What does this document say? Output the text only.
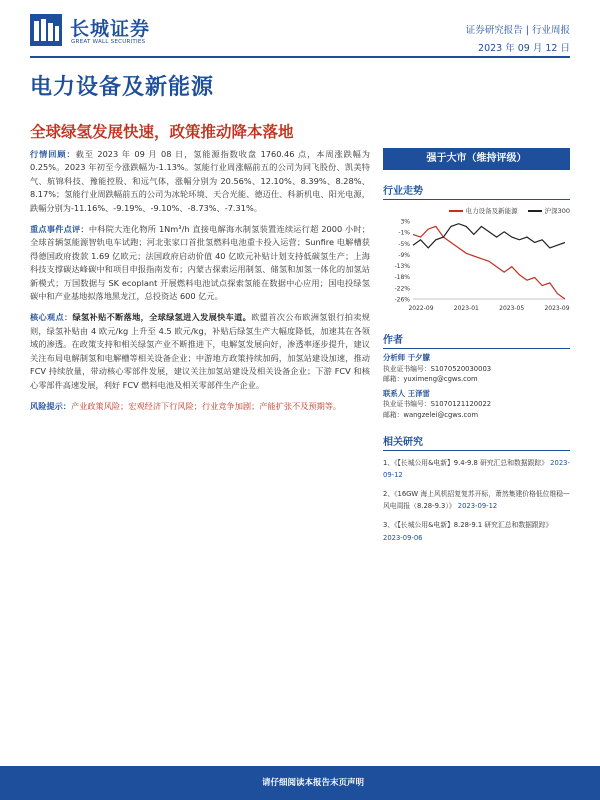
长城证券
GREAT WALL SECURITIES
证券研究报告 | 行业周报
2023 年 09 月 12 日
电力设备及新能源
全球绿氢发展快速，政策推动降本落地

行情回顾：截至 2023 年 09 月 08 日，氢能源指数收盘 1760.46 点，本周涨跌幅为 0.25%。2023 年初至今涨跌幅为-1.13%。氢能行业周涨幅前五的公司为同飞股份、凯美特气、航锦科技、豫能控股、和远气体，涨幅分别为 20.56%、12.10%、8.39%、8.28%、8.17%；氢能行业周跌幅前五的公司为冰轮环境、天合光能、德迈仕、科新机电、阳光电源，跌幅分别为-11.16%、-9.19%、-9.10%、-8.73%、-7.31%。

重点事件点评：中科院大连化物所 1Nm³/h 直接电解海水制氢装置连续运行超 2000 小时；全球首辆氢能源智轨电车试跑；河北张家口首批氢燃料电池重卡投入运营；Sunfire 电解槽获得德国政府拨款 1.69 亿欧元；法国政府启动价值 40 亿欧元补贴计划支持低碳氢生产；上海科技支撑碳达峰碳中和项目申报指南发布；内蒙古探索运用制氢、储氢和加氢一体化的加氢站新模式；万国数据与 SK ecoplant 开展燃料电池试点探索氢能在数据中心应用；国电投绿氢碳中和产业基地拟落地黑龙江，总投资达 600 亿元。

核心观点：绿氢补贴不断落地，全球绿氢进入发展快车道。欧盟首次公布欧洲氢银行拍卖规则，绿氢补贴由 4 欧元/kg 上升至 4.5 欧元/kg，补贴后绿氢生产大幅度降低，加速其在各领域的渗透。在政策支持和相关绿氢产业不断推进下，电解氢发展向好，渗透率逐步提升，建议关注布局电解制氢和电解槽等相关设备企业；中游地方政策持续加码，加氢站建设加速，推动 FCV 持续放量，带动核心零部件发展，建议关注加氢站建设及相关设备企业；下游 FCV 和核心零部件高速发展，利好 FCV 燃料电池及相关零部件生产企业。

风险提示：产业政策风险；宏观经济下行风险；行业竞争加剧；产能扩张不及预期等。

强于大市（维持评级）
行业走势
电力设备及新能源	沪深300
3%
-1%
-5%
-9%
-13%
-18%
-22%
-26%
2022-09	2023-01	2023-05	2023-09
作者
分析师 于夕朦
执业证书编号：S1070520030003
邮箱：yuximeng@cgws.com
联系人 王泽雷
执业证书编号：S1070121120022
邮箱：wangzelei@cgws.com
相关研究
1、《【长城公用&电新】9.4-9.8 研究汇总和数据跟踪》 2023-09-12
2、《16GW 海上风机招复复苏开标，萧然集建价格低位维稳—风电周报（8.28-9.3）》 2023-09-12
3、《【长城公用&电新】8.28-9.1 研究汇总和数据跟踪》 2023-09-06
请仔细阅读本报告末页声明
